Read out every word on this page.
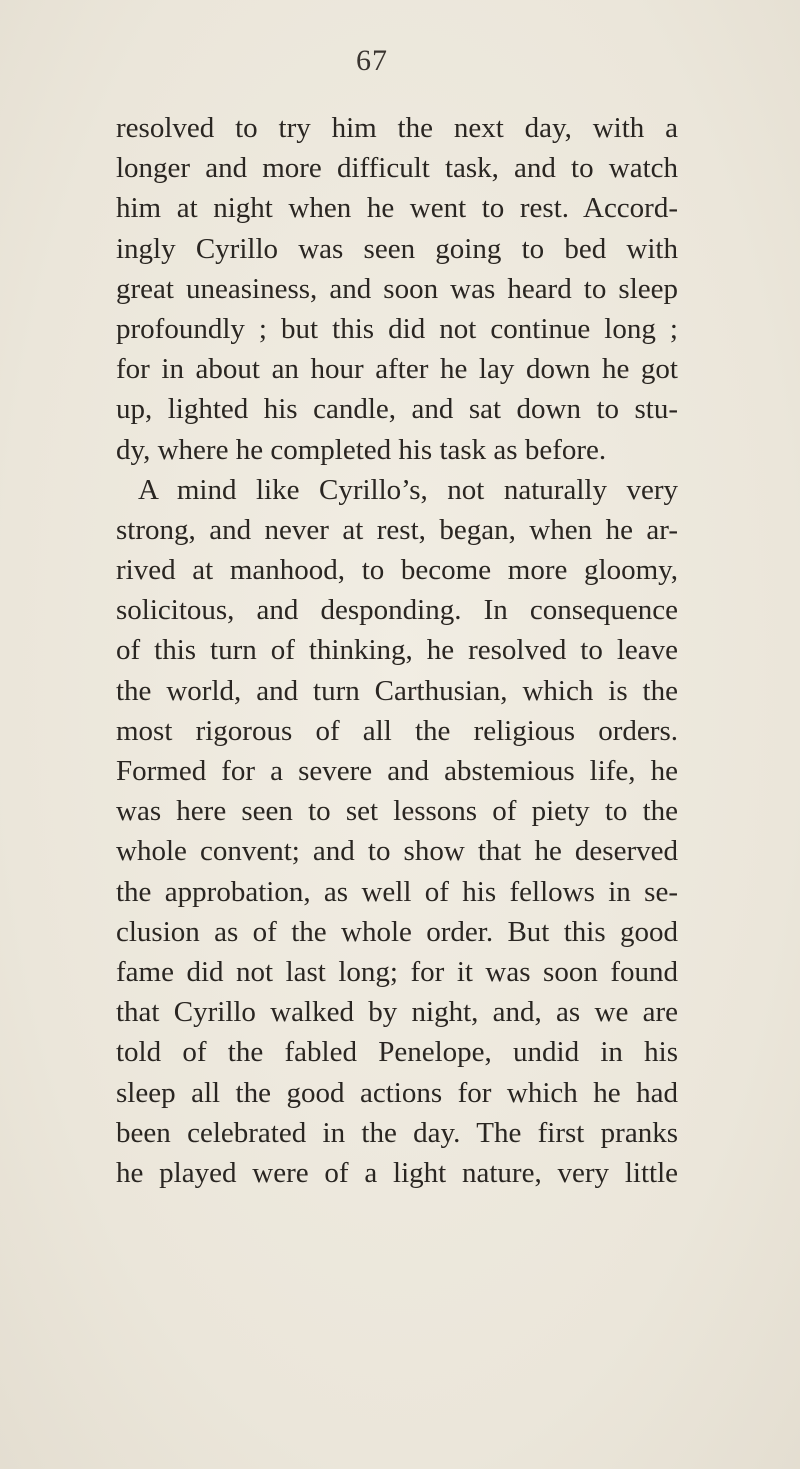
67
resolved to try him the next day, with a
longer and more difficult task, and to watch
him at night when he went to rest. Accord-
ingly Cyrillo was seen going to bed with
great uneasiness, and soon was heard to sleep
profoundly ; but this did not continue long ;
for in about an hour after he lay down he got
up, lighted his candle, and sat down to stu-
dy, where he completed his task as before.
A mind like Cyrillo’s, not naturally very
strong, and never at rest, began, when he ar-
rived at manhood, to become more gloomy,
solicitous, and desponding. In consequence
of this turn of thinking, he resolved to leave
the world, and turn Carthusian, which is the
most rigorous of all the religious orders.
Formed for a severe and abstemious life, he
was here seen to set lessons of piety to the
whole convent; and to show that he deserved
the approbation, as well of his fellows in se-
clusion as of the whole order. But this good
fame did not last long; for it was soon found
that Cyrillo walked by night, and, as we are
told of the fabled Penelope, undid in his
sleep all the good actions for which he had
been celebrated in the day. The first pranks
he played were of a light nature, very little
